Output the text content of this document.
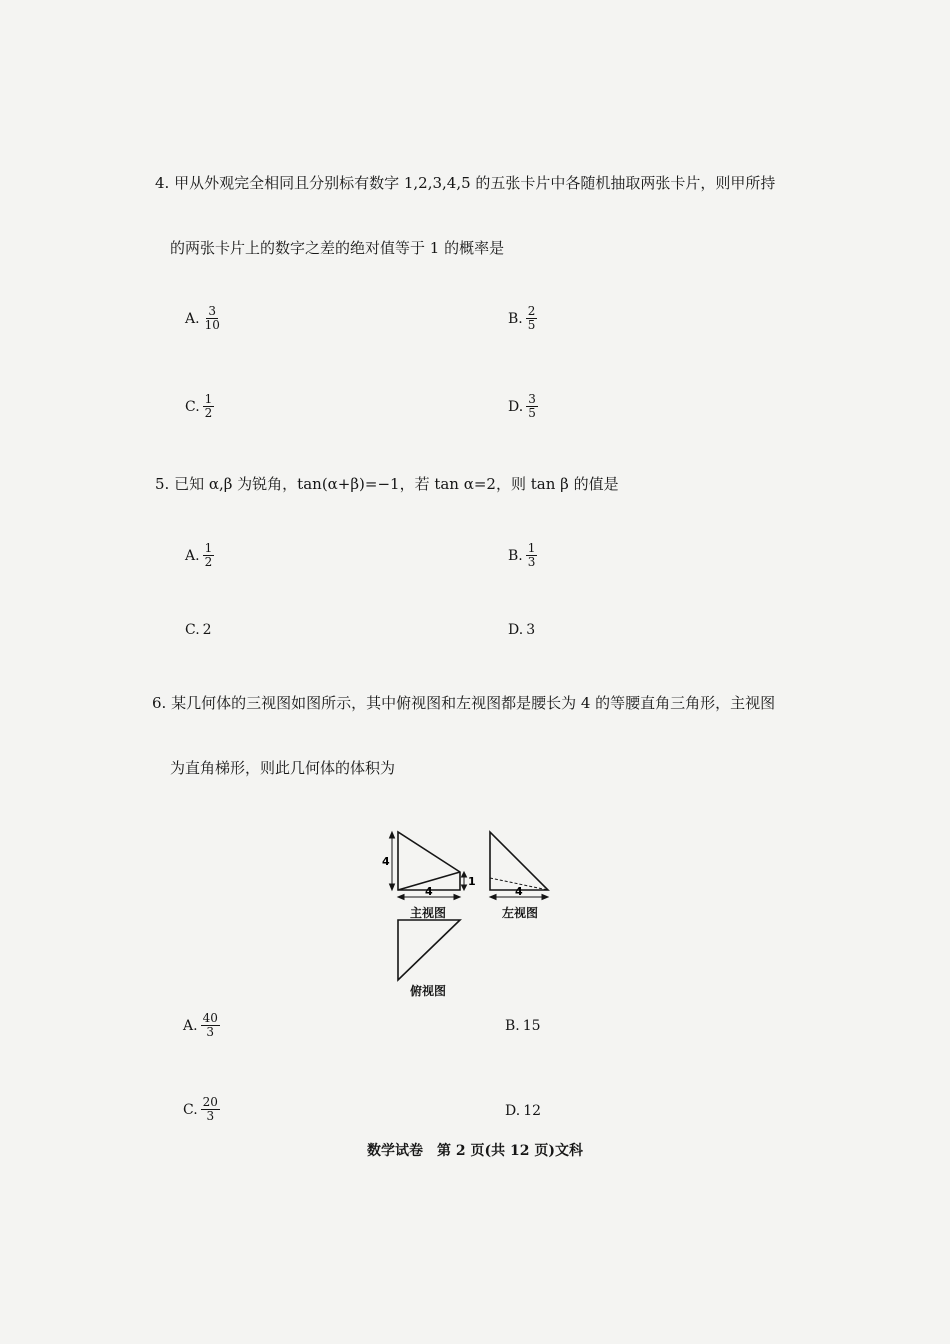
4. 甲从外观完全相同且分别标有数字 1,2,3,4,5 的五张卡片中各随机抽取两张卡片，则甲所持
的两张卡片上的数字之差的绝对值等于 1 的概率是
A. $\frac{3}{10}$	B. $\frac{2}{5}$
C. $\frac{1}{2}$	D. $\frac{3}{5}$
5. 已知 α,β 为锐角，tan(α+β)=−1，若 tan α=2，则 tan β 的值是
A. $\frac{1}{2}$	B. $\frac{1}{3}$
C. 2	D. 3
6. 某几何体的三视图如图所示，其中俯视图和左视图都是腰长为 4 的等腰直角三角形，主视图
为直角梯形，则此几何体的体积为
4
4
1
4
主视图	左视图
俯视图
A. $\frac{40}{3}$	B. 15
C. $\frac{20}{3}$	D. 12
数学试卷　第 2 页(共 12 页)文科
